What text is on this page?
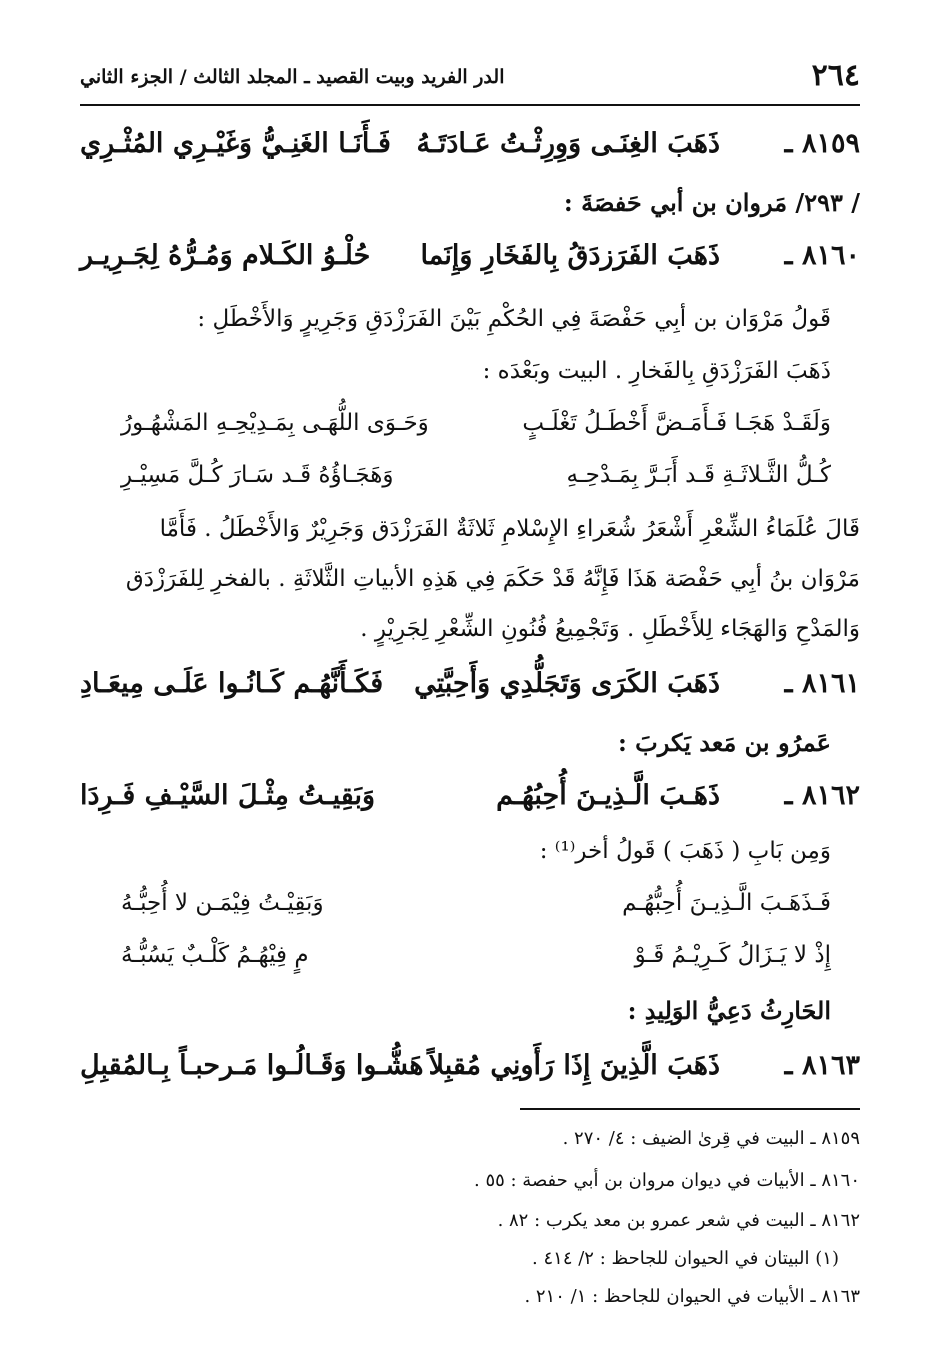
٢٦٤
الدر الفريد وبيت القصيد ـ المجلد الثالث / الجزء الثاني
٨١٥٩ ـ
ذَهَبَ الغِنَـى وَوِرِثْـتُ عَـادَتَـهُ
فَـأَنَـا الغَنِـيُّ وَغَيْـرِي المُثْـرِي
/ ٢٩٣/ مَروان بن أبي حَفصَةَ :
٨١٦٠ ـ
ذَهَبَ الفَرَزدَقُ بِالفَخَارِ وَإِنَما
حُلْـوُ الكَـلام وَمُـرُّهُ لِجَـرِيـر
قَولُ مَرْوَان بن أبِي حَفْصَةَ فِي الحُكْمِ بَيْنَ الفَرَزْدَقِ وَجَرِيرٍ وَالأَخْطَلِ :
ذَهَبَ الفَرَزْدَقِ بِالفَخارِ . البيت وبَعْدَه :
وَلَقَـدْ هَجَـا فَـأَمَـضَّ أَخْطَـلُ تَغْلَـبٍ
وَحَـوَى اللُّهَـى بِمَـدِيْحِـهِ المَشْهُـورُ
كُـلُّ الثَّـلاثَـةِ قَـد أَبَـرَّ بِمَـدْحِـهِ
وَهَجَـاؤُهُ قَـد سَـارَ كُـلَّ مَسِيْـرِ
قَالَ عُلَمَاءُ الشِّعْرِ أَشْعَرُ شُعَراءِ الإِسْلامِ ثَلاثَةٌ الفَرَزْدَق وَجَرِيْرٌ وَالأَخْطَلُ . فَأَمَّا
مَرْوَان بنُ أبِي حَفْصَة هَذَا فَإِنَّهُ قَدْ حَكَمَ فِي هَذِهِ الأبياتِ الثَّلاثَةِ . بالفخرِ لِلفَرَزْدَق
وَالمَدْحِ وَالهَجَاء لِلأَخْطَلِ . وَتَجْمِيعُ فُنُونِ الشِّعْرِ لِجَرِيْرٍ .
٨١٦١ ـ
ذَهَبَ الكَرَى وَتَجَلُّدِي وَأَحِبَّتِي
فَكَـأَنَّهُـم كَـانُـوا عَلَـى مِيعَـادِ
عَمرُو بن مَعد يَكربَ :
٨١٦٢ ـ
ذَهَـبَ الَّـذِيـنَ أُحِبُهُـم
وَبَقِيـتُ مِثْـلَ السَّيْـفِ فَـرِدَا
وَمِن بَابِ ( ذَهَبَ ) قَولُ أخر⁽¹⁾ :
فَـذَهَـبَ الَّـذِيـنَ أُحِبُّهُـم
وَبَقِيْـتُ فِيْمَـن لا أُحِبُّـهُ
إِذْ لا يَـزَالُ كَـرِيْـمُ قَـوْ
مٍ فِيْهُـمُ كَلْـبٌ يَسُبُّـهُ
الحَارِثُ دَعِيُّ الوَلِيدِ :
٨١٦٣ ـ
ذَهَبَ الَّذِينَ إِذَا رَأَونِي مُقبِلاً
هَشُّـوا وَقَـالُـوا مَـرحبـاً بِـالمُقبِلِ
٨١٥٩ ـ البيت في قِرىٰ الضيف : ٤/ ٢٧٠ .
٨١٦٠ ـ الأبيات في ديوان مروان بن أبي حفصة : ٥٥ .
٨١٦٢ ـ البيت في شعر عمرو بن معد يكرب : ٨٢ .
(١) البيتان في الحيوان للجاحظ : ٢/ ٤١٤ .
٨١٦٣ ـ الأبيات في الحيوان للجاحظ : ١/ ٢١٠ .
